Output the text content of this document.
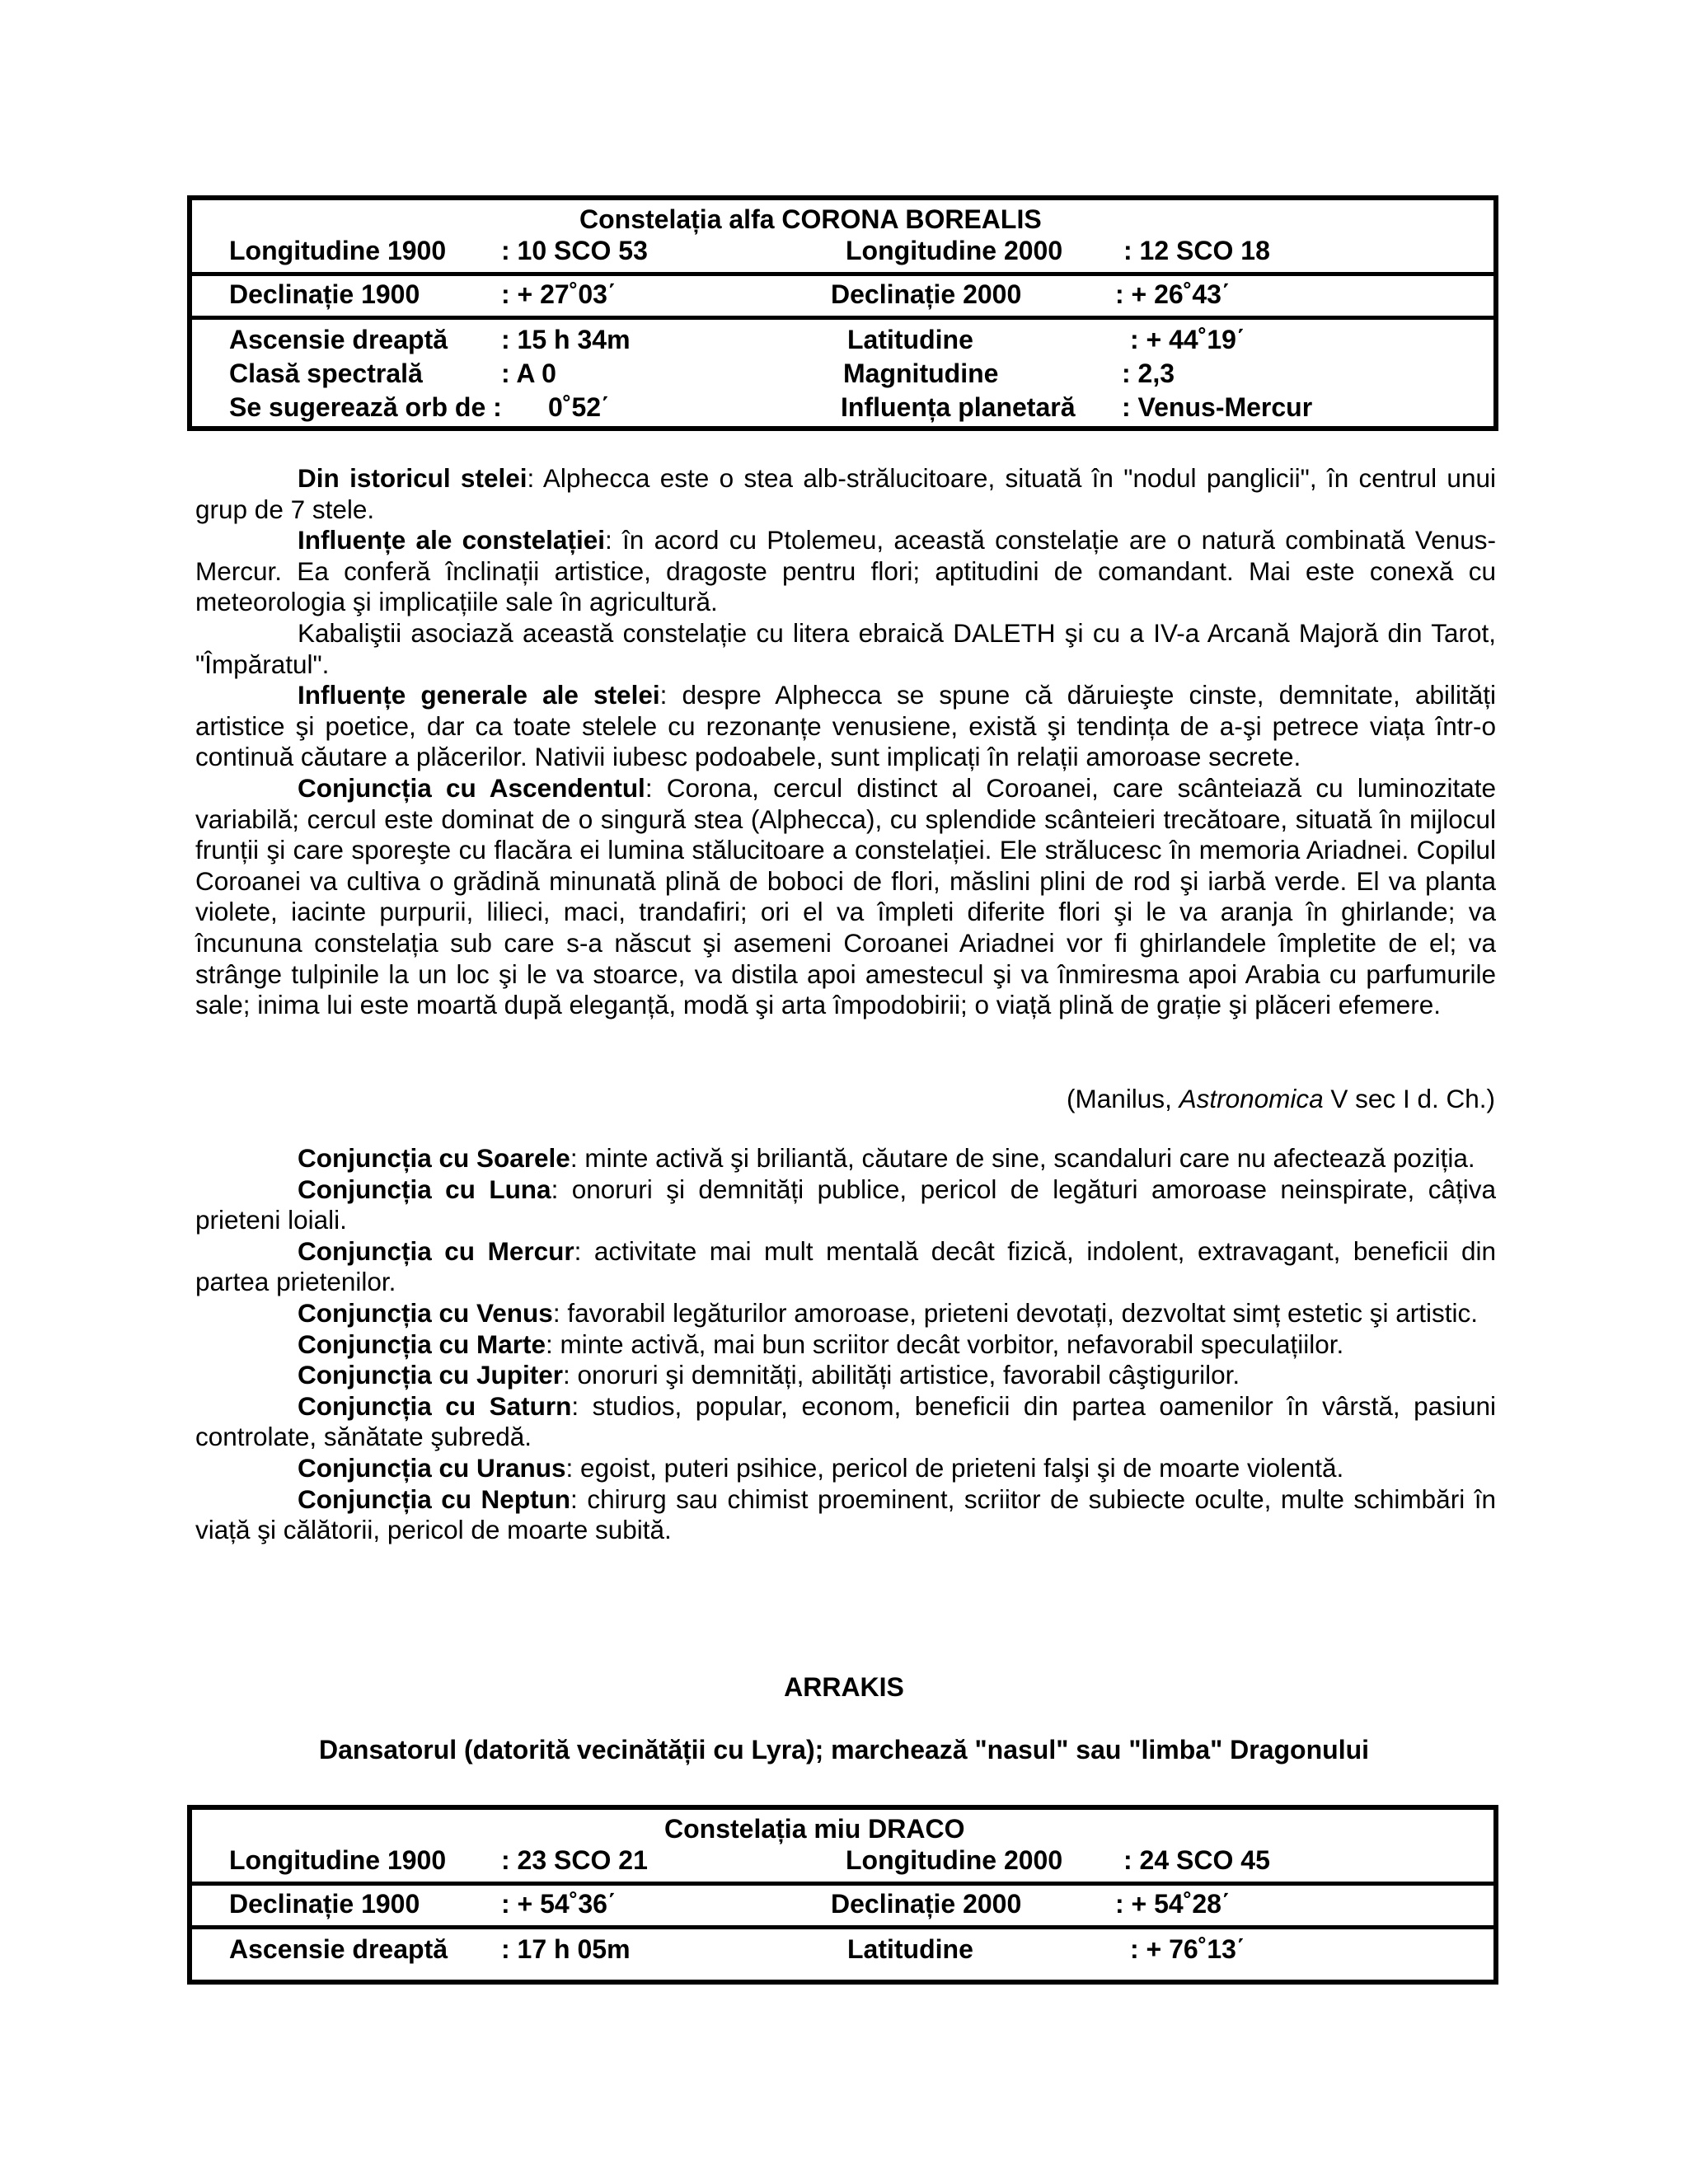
Constelația alfa CORONA BOREALIS
Longitudine 1900 : 10 SCO 53	Longitudine 2000 : 12 SCO 18
Declinație 1900	: + 27˚03΄	Declinație 2000	: + 26˚43΄
Ascensie dreaptă : 15 h 34m	Latitudine	: + 44˚19΄
Clasă spectrală	: A 0	Magnitudine	: 2,3
Se sugerează orb de : 0˚52΄	Influența planetară : Venus-Mercur

Din istoricul stelei: Alphecca este o stea alb-strălucitoare, situată în "nodul panglicii", în centrul unui grup de 7 stele.

Influențe ale constelației: în acord cu Ptolemeu, această constelație are o natură combinată Venus-Mercur. Ea conferă înclinații artistice, dragoste pentru flori; aptitudini de comandant. Mai este conexă cu meteorologia şi implicațiile sale în agricultură.

Kabaliştii asociază această constelație cu litera ebraică DALETH şi cu a IV-a Arcană Majoră din Tarot, "Împăratul".

Influențe generale ale stelei: despre Alphecca se spune că dăruieşte cinste, demnitate, abilități artistice şi poetice, dar ca toate stelele cu rezonanțe venusiene, există şi tendința de a-şi petrece viața într-o continuă căutare a plăcerilor. Nativii iubesc podoabele, sunt implicați în relații amoroase secrete.

Conjuncția cu Ascendentul: Corona, cercul distinct al Coroanei, care scânteiază cu luminozitate variabilă; cercul este dominat de o singură stea (Alphecca), cu splendide scânteieri trecătoare, situată în mijlocul frunții şi care sporeşte cu flacăra ei lumina stălucitoare a constelației. Ele strălucesc în memoria Ariadnei. Copilul Coroanei va cultiva o grădină minunată plină de boboci de flori, măslini plini de rod şi iarbă verde. El va planta violete, iacinte purpurii, lilieci, maci, trandafiri; ori el va împleti diferite flori şi le va aranja în ghirlande; va încununa constelația sub care s-a născut şi asemeni Coroanei Ariadnei vor fi ghirlandele împletite de el; va strânge tulpinile la un loc şi le va stoarce, va distila apoi amestecul şi va înmiresma apoi Arabia cu parfumurile sale; inima lui este moartă după eleganță, modă şi arta împodobirii; o viață plină de grație şi plăceri efemere.

(Manilus, Astronomica V sec I d. Ch.)

Conjuncția cu Soarele: minte activă şi briliantă, căutare de sine, scandaluri care nu afectează poziția.

Conjuncția cu Luna: onoruri şi demnități publice, pericol de legături amoroase neinspirate, câțiva prieteni loiali.

Conjuncția cu Mercur: activitate mai mult mentală decât fizică, indolent, extravagant, beneficii din partea prietenilor.

Conjuncția cu Venus: favorabil legăturilor amoroase, prieteni devotați, dezvoltat simț estetic şi artistic.

Conjuncția cu Marte: minte activă, mai bun scriitor decât vorbitor, nefavorabil speculațiilor.

Conjuncția cu Jupiter: onoruri şi demnități, abilități artistice, favorabil câştigurilor.

Conjuncția cu Saturn: studios, popular, econom, beneficii din partea oamenilor în vârstă, pasiuni controlate, sănătate şubredă.

Conjuncția cu Uranus: egoist, puteri psihice, pericol de prieteni falşi şi de moarte violentă.

Conjuncția cu Neptun: chirurg sau chimist proeminent, scriitor de subiecte oculte, multe schimbări în viață şi călătorii, pericol de moarte subită.

ARRAKIS
Dansatorul (datorită vecinătății cu Lyra); marchează "nasul" sau "limba" Dragonului
Constelația miu DRACO
Longitudine 1900 : 23 SCO 21	Longitudine 2000 : 24 SCO 45
Declinație 1900	: + 54˚36΄	Declinație 2000	: + 54˚28΄
Ascensie dreaptă : 17 h 05m	Latitudine	: + 76˚13΄
